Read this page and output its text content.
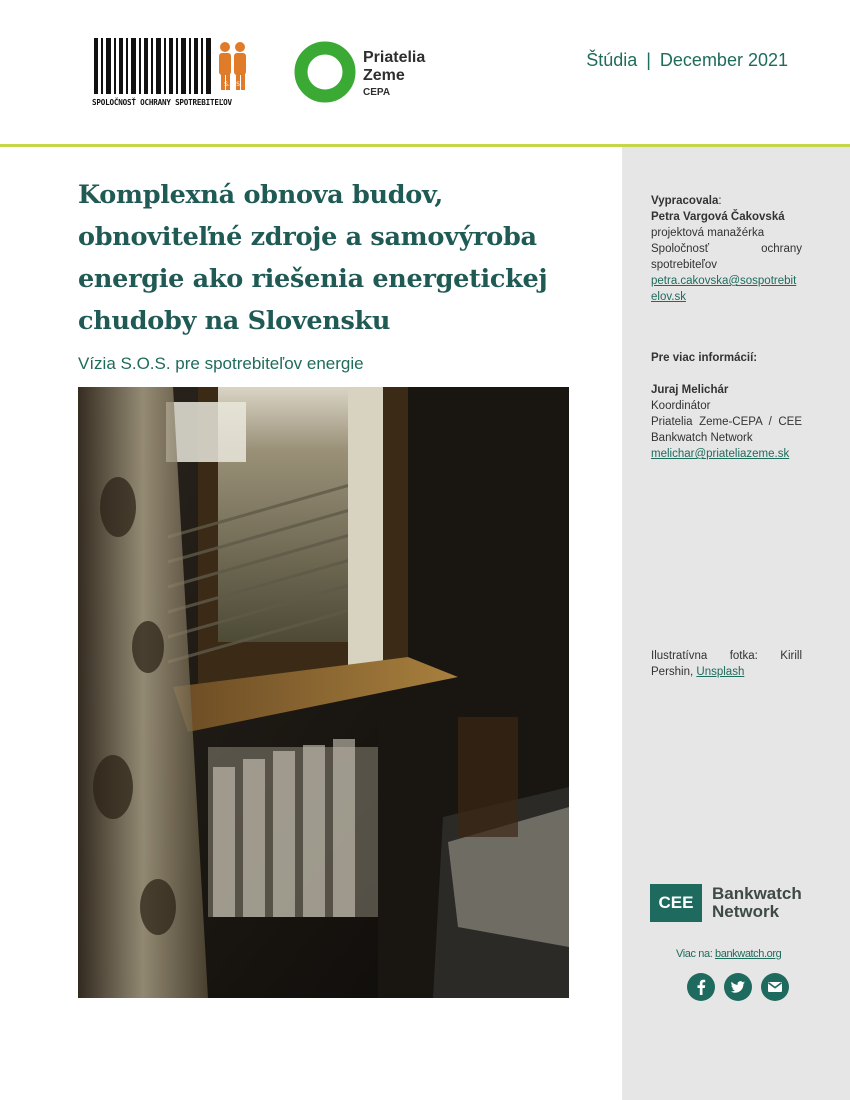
S.O.S.
SPOLOČNOSŤ OCHRANY SPOTREBITEĽOV
Priatelia
Zeme
CEPA
Štúdia | December 2021
Komplexná obnova budov, obnoviteľné zdroje a samovýroba energie ako riešenia energetickej chudoby na Slovensku
Vízia S.O.S. pre spotrebiteľov energie
Vypracovala:
Petra Vargová Čakovská
projektová manažérka
Spoločnosť ochrany spotrebiteľov
petra.cakovska@sospotrebitelov.sk
Pre viac informácií:
Juraj Melichár
Koordinátor
Priatelia Zeme-CEPA / CEE Bankwatch Network
melichar@priateliazeme.sk
Ilustratívna fotka: Kirill Pershin, Unsplash
CEE	Bankwatch
Network
Viac na: bankwatch.org
